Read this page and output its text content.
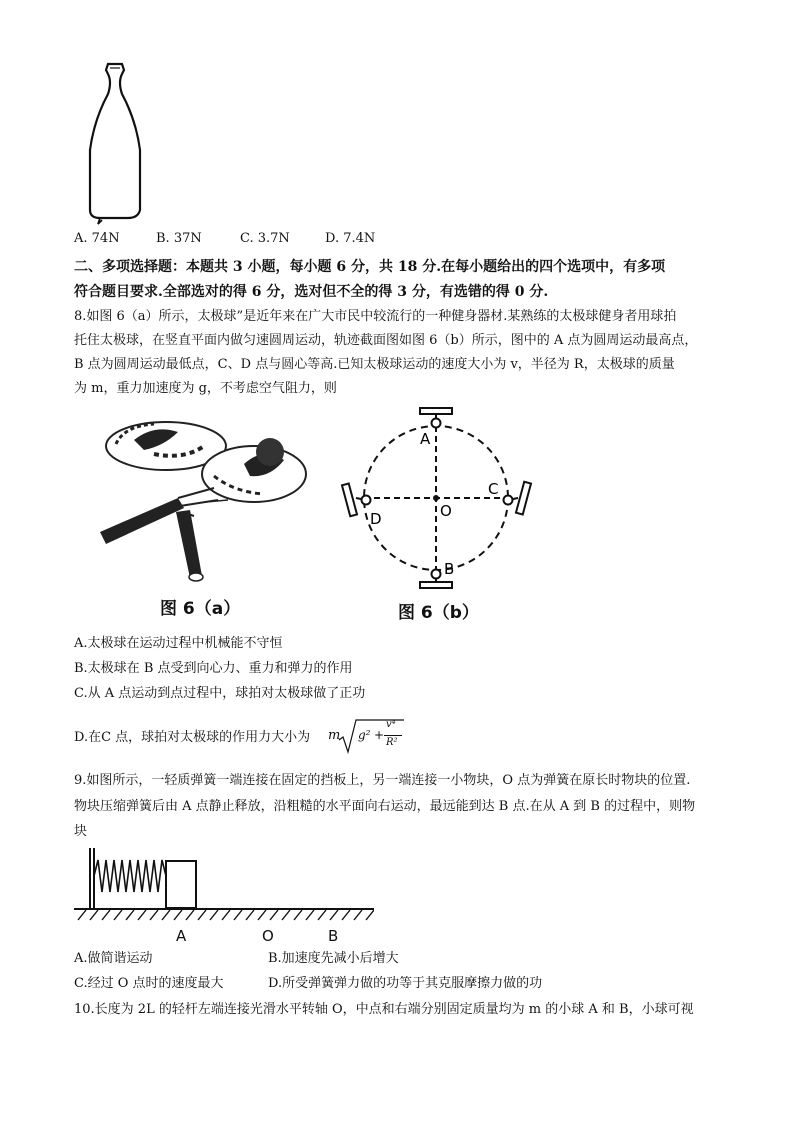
A. 74N	B. 37N	C. 3.7N	D. 7.4N
二、多项选择题：本题共 3 小题，每小题 6 分，共 18 分.在每小题给出的四个选项中，有多项
符合题目要求.全部选对的得 6 分，选对但不全的得 3 分，有选错的得 0 分.
8.如图 6（a）所示，太极球”是近年来在广大市民中较流行的一种健身器材.某熟练的太极球健身者用球拍
托住太极球，在竖直平面内做匀速圆周运动，轨迹截面图如图 6（b）所示，图中的 A 点为圆周运动最高点，
B 点为圆周运动最低点，C、D 点与圆心等高.已知太极球运动的速度大小为 v，半径为 R，太极球的质量
为 m，重力加速度为 g，不考虑空气阻力，则
图 6（a）
A
B
C
D	O
图 6（b）
A.太极球在运动过程中机械能不守恒
B.太极球在 B 点受到向心力、重力和弹力的作用
C.从 A 点运动到点过程中，球拍对太极球做了正功
D.在C 点，球拍对太极球的作用力大小为 m g² +
v⁴
R²
9.如图所示，一轻质弹簧一端连接在固定的挡板上，另一端连接一小物块，O 点为弹簧在原长时物块的位置.
物块压缩弹簧后由 A 点静止释放，沿粗糙的水平面向右运动，最远能到达 B 点.在从 A 到 B 的过程中，则物
块
A	O	B
A.做简谐运动	B.加速度先减小后增大
C.经过 O 点时的速度最大	D.所受弹簧弹力做的功等于其克服摩擦力做的功
10.长度为 2L 的轻杆左端连接光滑水平转轴 O，中点和右端分别固定质量均为 m 的小球 A 和 B，小球可视
